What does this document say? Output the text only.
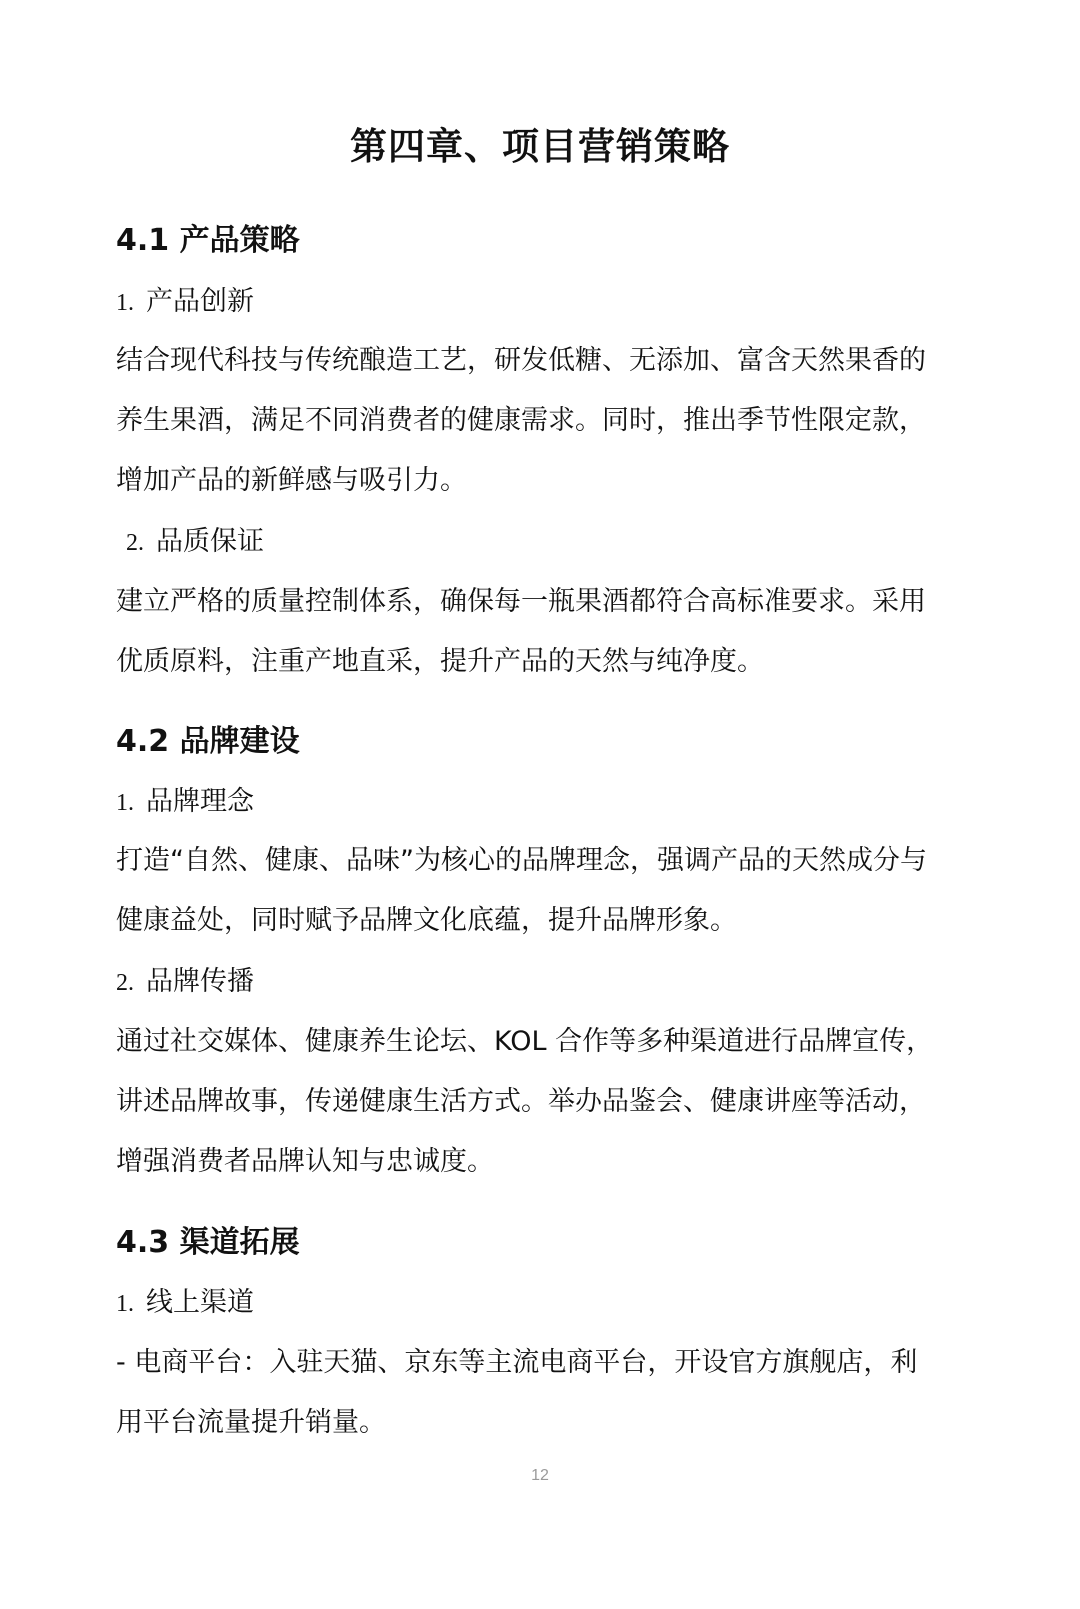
第四章、项目营销策略
4.1 产品策略
1. 产品创新

结合现代科技与传统酿造工艺，研发低糖、无添加、富含天然果香的
养生果酒，满足不同消费者的健康需求。同时，推出季节性限定款，
增加产品的新鲜感与吸引力。

2. 品质保证

建立严格的质量控制体系，确保每一瓶果酒都符合高标准要求。采用
优质原料，注重产地直采，提升产品的天然与纯净度。

4.2 品牌建设
1. 品牌理念

打造“自然、健康、品味”为核心的品牌理念，强调产品的天然成分与
健康益处，同时赋予品牌文化底蕴，提升品牌形象。

2. 品牌传播

通过社交媒体、健康养生论坛、KOL 合作等多种渠道进行品牌宣传，
讲述品牌故事，传递健康生活方式。举办品鉴会、健康讲座等活动，
增强消费者品牌认知与忠诚度。

4.3 渠道拓展
1. 线上渠道

- 电商平台：入驻天猫、京东等主流电商平台，开设官方旗舰店，利
用平台流量提升销量。

12
